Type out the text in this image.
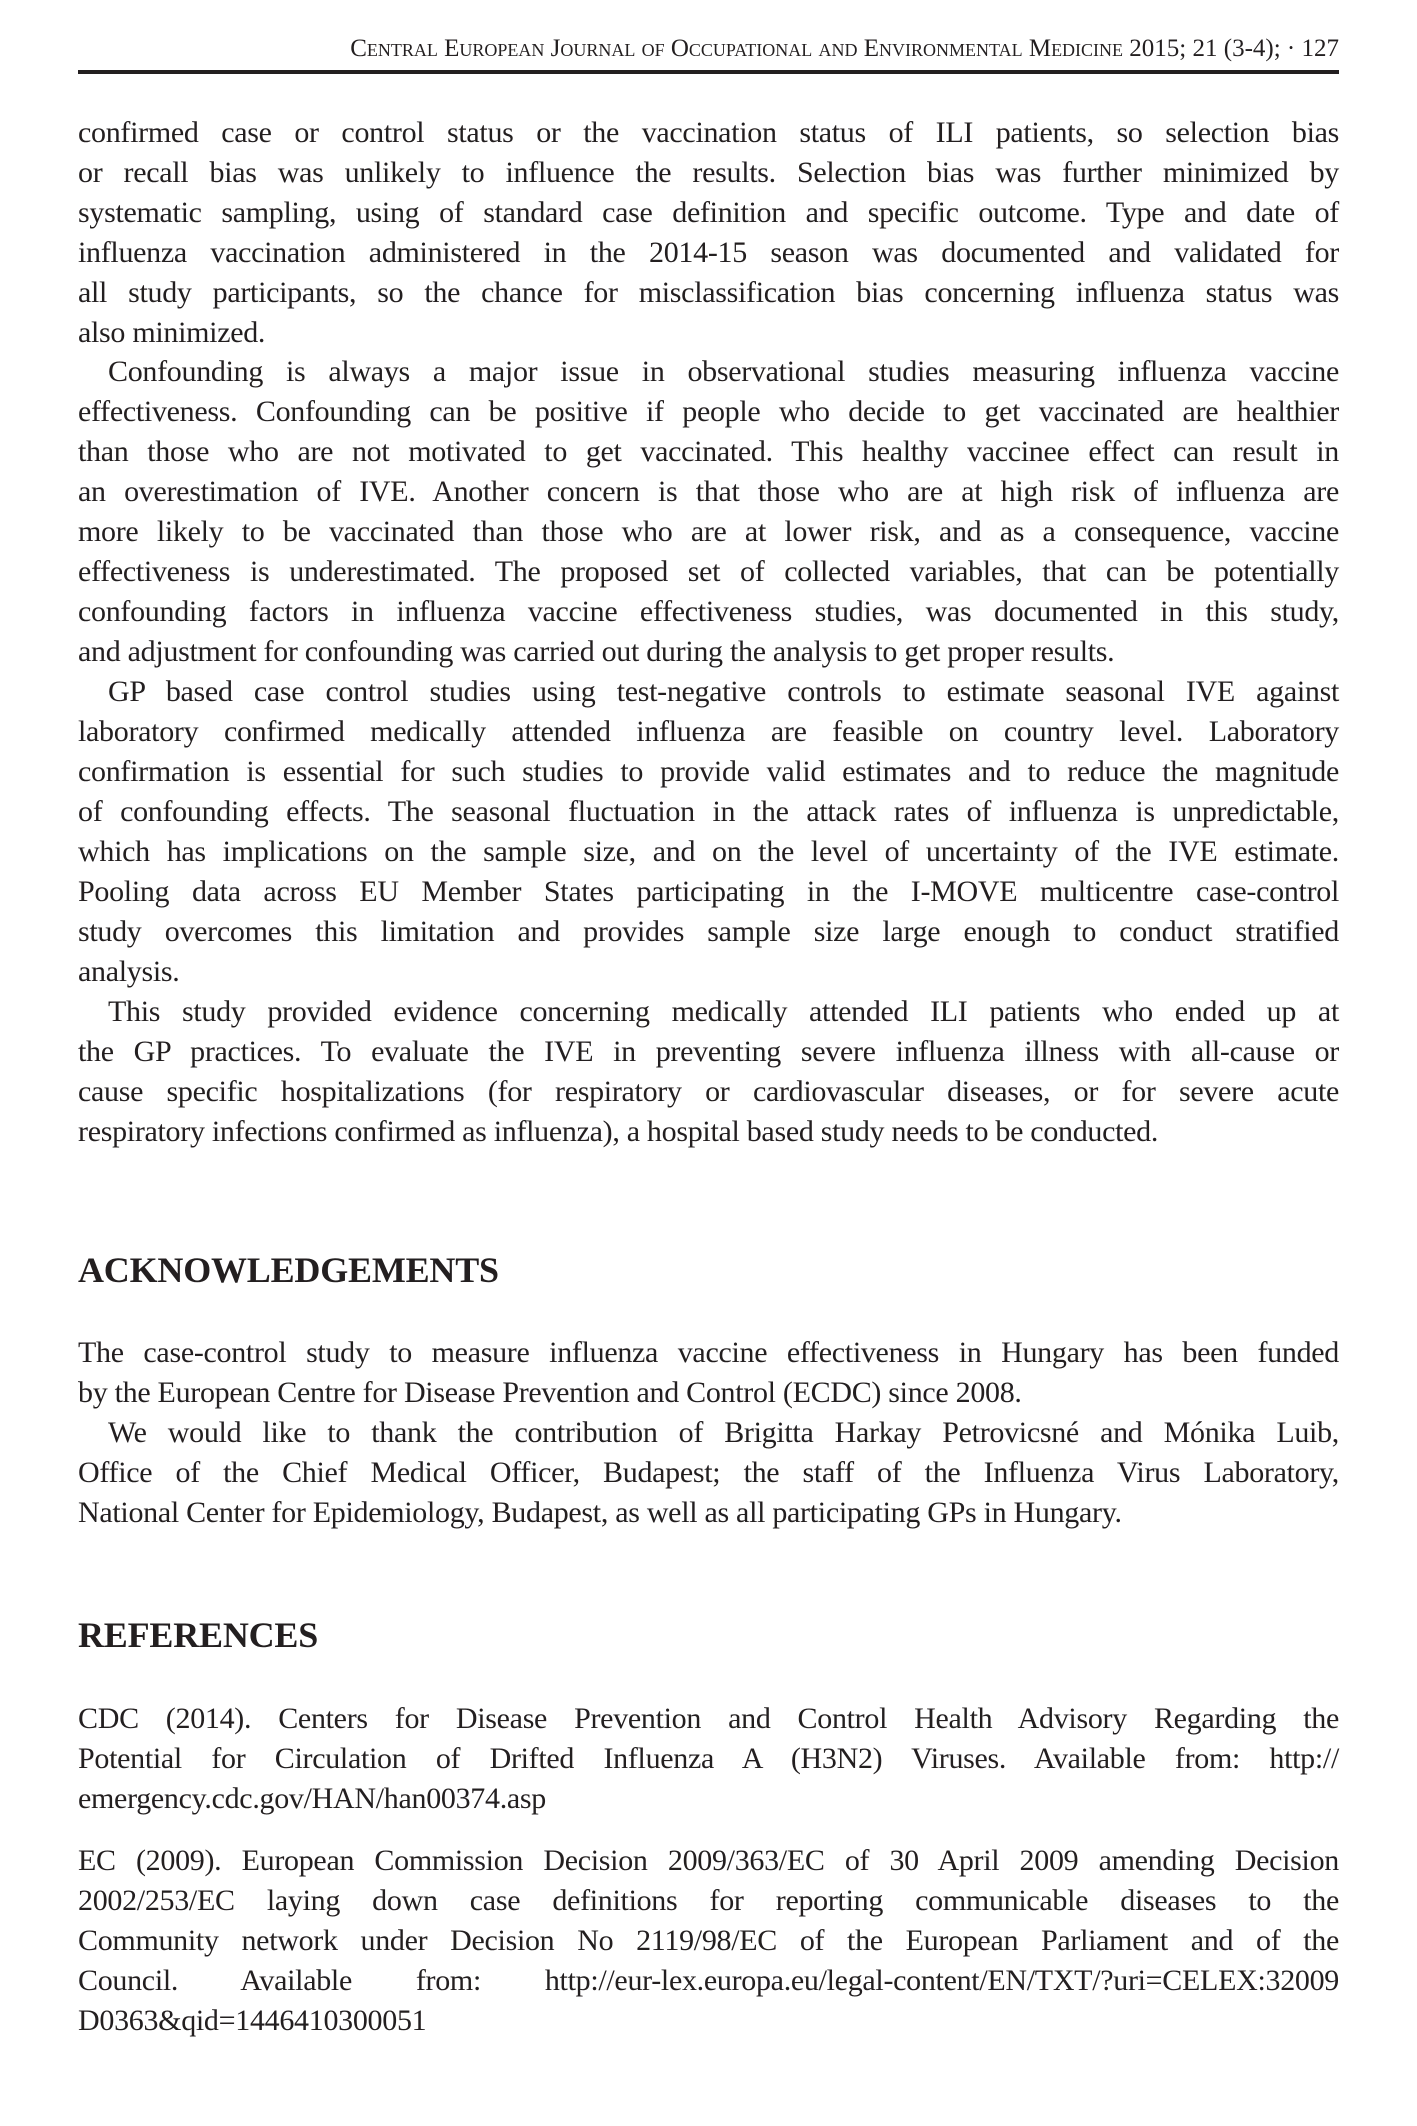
Central European Journal of Occupational and Environmental Medicine 2015; 21 (3-4); · 127
confirmed case or control status or the vaccination status of ILI patients, so selection bias
or recall bias was unlikely to influence the results. Selection bias was further minimized by
systematic sampling, using of standard case definition and specific outcome. Type and date of
influenza vaccination administered in the 2014-15 season was documented and validated for
all study participants, so the chance for misclassification bias concerning influenza status was
also minimized.
Confounding is always a major issue in observational studies measuring influenza vaccine
effectiveness. Confounding can be positive if people who decide to get vaccinated are healthier
than those who are not motivated to get vaccinated. This healthy vaccinee effect can result in
an overestimation of IVE. Another concern is that those who are at high risk of influenza are
more likely to be vaccinated than those who are at lower risk, and as a consequence, vaccine
effectiveness is underestimated. The proposed set of collected variables, that can be potentially
confounding factors in influenza vaccine effectiveness studies, was documented in this study,
and adjustment for confounding was carried out during the analysis to get proper results.
GP based case control studies using test-negative controls to estimate seasonal IVE against
laboratory confirmed medically attended influenza are feasible on country level. Laboratory
confirmation is essential for such studies to provide valid estimates and to reduce the magnitude
of confounding effects. The seasonal fluctuation in the attack rates of influenza is unpredictable,
which has implications on the sample size, and on the level of uncertainty of the IVE estimate.
Pooling data across EU Member States participating in the I-MOVE multicentre case-control
study overcomes this limitation and provides sample size large enough to conduct stratified
analysis.
This study provided evidence concerning medically attended ILI patients who ended up at
the GP practices. To evaluate the IVE in preventing severe influenza illness with all-cause or
cause specific hospitalizations (for respiratory or cardiovascular diseases, or for severe acute
respiratory infections confirmed as influenza), a hospital based study needs to be conducted.
ACKNOWLEDGEMENTS
The case-control study to measure influenza vaccine effectiveness in Hungary has been funded
by the European Centre for Disease Prevention and Control (ECDC) since 2008.
We would like to thank the contribution of Brigitta Harkay Petrovicsné and Mónika Luib,
Office of the Chief Medical Officer, Budapest; the staff of the Influenza Virus Laboratory,
National Center for Epidemiology, Budapest, as well as all participating GPs in Hungary.
REFERENCES
CDC (2014). Centers for Disease Prevention and Control Health Advisory Regarding the
Potential for Circulation of Drifted Influenza A (H3N2) Viruses. Available from: http://
emergency.cdc.gov/HAN/han00374.asp
EC (2009). European Commission Decision 2009/363/EC of 30 April 2009 amending Decision
2002/253/EC laying down case definitions for reporting communicable diseases to the
Community network under Decision No 2119/98/EC of the European Parliament and of the
Council. Available from: http://eur-lex.europa.eu/legal-content/EN/TXT/?uri=CELEX:32009
D0363&qid=1446410300051
